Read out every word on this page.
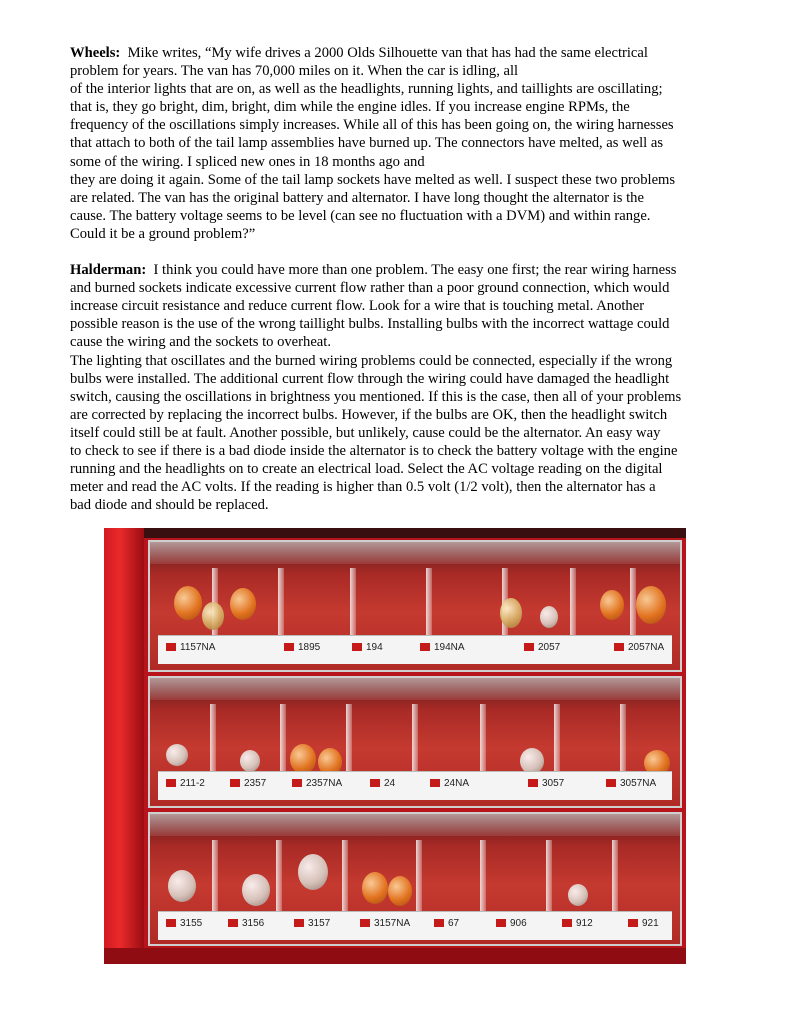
Wheels: Mike writes, “My wife drives a 2000 Olds Silhouette van that has had the same electrical
problem for years. The van has 70,000 miles on it. When the car is idling, all
of the interior lights that are on, as well as the headlights, running lights, and taillights are oscillating;
that is, they go bright, dim, bright, dim while the engine idles. If you increase engine RPMs, the
frequency of the oscillations simply increases. While all of this has been going on, the wiring harnesses
that attach to both of the tail lamp assemblies have burned up. The connectors have melted, as well as
some of the wiring. I spliced new ones in 18 months ago and
they are doing it again. Some of the tail lamp sockets have melted as well. I suspect these two problems
are related. The van has the original battery and alternator. I have long thought the alternator is the
cause. The battery voltage seems to be level (can see no fluctuation with a DVM) and within range.
Could it be a ground problem?”

Halderman: I think you could have more than one problem. The easy one first; the rear wiring harness
and burned sockets indicate excessive current flow rather than a poor ground connection, which would
increase circuit resistance and reduce current flow. Look for a wire that is touching metal. Another
possible reason is the use of the wrong taillight bulbs. Installing bulbs with the incorrect wattage could
cause the wiring and the sockets to overheat.
The lighting that oscillates and the burned wiring problems could be connected, especially if the wrong
bulbs were installed. The additional current flow through the wiring could have damaged the headlight
switch, causing the oscillations in brightness you mentioned. If this is the case, then all of your problems
are corrected by replacing the incorrect bulbs. However, if the bulbs are OK, then the headlight switch
itself could still be at fault. Another possible, but unlikely, cause could be the alternator. An easy way
to check to see if there is a bad diode inside the alternator is to check the battery voltage with the engine
running and the headlights on to create an electrical load. Select the AC voltage reading on the digital
meter and read the AC volts. If the reading is higher than 0.5 volt (1/2 volt), then the alternator has a
bad diode and should be replaced.

1157NA	1895	194	194NA	2057	2057NA
211-2	2357	2357NA	24	24NA	3057	3057NA
3155	3156	3157	3157NA	67	906	912	921
